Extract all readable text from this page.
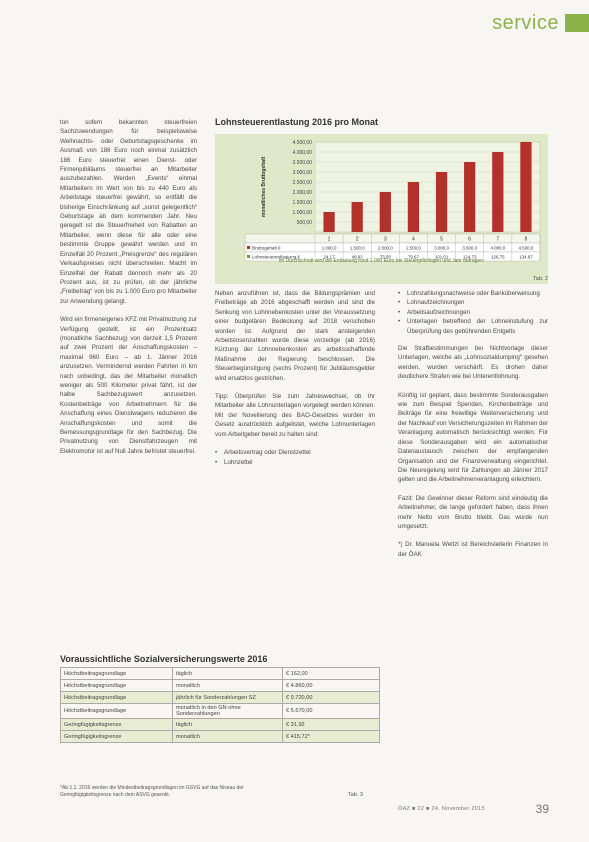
service

ton sofern bekannten steuerfreien Sachzuwendungen für beispielsweise Weihnachts- oder Geburtstagsgeschenke im Ausmaß von 186 Euro noch einmal zusätzlich 186 Euro steuerfrei einen Dienst- oder Firmenjubiläums steuerfrei an Mitarbeiter auszubezahlen. Werden „Events“ einmal Mitarbeitern im Wert von bis zu 440 Euro als Arbeitstage steuerfrei gewährt, so entfällt die bisherige Einschränkung auf „sonst gelegentlich“ Geburtstage ab dem kommenden Jahr. Neu geregelt ist die Steuerfreiheit von Rabatten an Mitarbeiter, wenn diese für alle oder eine bestimmte Gruppe gewährt werden und im Einzelfall 20 Prozent „Preisgrenze“ des regulären Verkaufspreises nicht überschreiten. Macht im Einzelfall der Rabatt dennoch mehr als 20 Prozent aus, ist zu prüfen, ob der jährliche „Freibetrag“ von bis zu 1.000 Euro pro Mitarbeiter zur Anwendung gelangt.

Wird ein firmeneigenes KFZ mit Privatnutzung zur Verfügung gestellt, ist ein Prozentsatz (monatliche Sachbezug) von derzeit 1,5 Prozent auf zwei Prozent der Anschaffungskosten – maximal 960 Euro – ab 1. Jänner 2016 anzusetzen. Vermindernd werden Fahrten in km nach unbedingt, das der Mitarbeiter monatlich weniger als 500 Kilometer privat fährt, ist der halbe Sachbezugswert anzusetzen. Kostenbeiträge von Arbeitnehmern für die Anschaffung eines Dienstwagens reduzieren die Anschaffungskosten und somit die Bemessungsgrundlage für den Sachbezug. Die Privatnutzung von Dienstfahrzeugen mit Elektromotor ist auf Null Jahre befristet steuerfrei.

Lohnsteuerentlastung 2016 pro Monat
500,00
1.000,00
1.500,00
2.000,00
2.500,00
3.000,00
3.500,00
4.000,00
4.500,00
monatliches Bruttogehalt
1	2	3	4	5	6	7	8
Bruttogehalt €	1.000,0	1.500,0	2.000,0	2.500,0	3.000,0	3.500,0	4.000,0	4.500,0
Lohnsteuerentlastung €	24,17	48,92	73,58	79,67	101,01	124,73	126,75	134,67
Im Durchschnitt wird die Entlastung rund 1.000 Euro bei Steuerpflichtigen und Jahr betragen.
Tab. 2

Neben anzuführen ist, dass die Bildungsprämien und Freibeträge ab 2016 abgeschafft werden und sind die Senkung von Lohnnebenkosten unter der Voraussetzung einer budgetären Bedeckung auf 2018 verschoben worden ist. Aufgrund der stark ansteigenden Arbeitslosenzahlen wurde diese vorzeitige (ab 2016) Kürzung der Lohnnebenkosten als arbeitsschaffende Maßnahme der Regierung beschlossen. Die Steuerbegünstigung (sechs Prozent) für Jubiläumsgelder wird ersatzlos gestrichen.

Tipp: Überprüfen Sie zum Jahreswechsel, ob Ihr Mitarbeiter alle Lohnunterlagen vorgelegt werden können. Mit der Novellierung des BAO-Gesetzes wurden im Gesetz ausdrücklich aufgelistet, welche Lohnunterlagen vom Arbeitgeber bereit zu halten sind:

• Arbeitsvertrag oder Dienstzettel
• Lohnzettel
• Lohnzahlungsnachweise oder Banküberweisung
• Lohnaufzeichnungen
• Arbeitsaufzeichnungen
• Unterlagen betreffend der Lohneinstufung zur Überprüfung des gebührenden Entgelts

Die Strafbestimmungen bei Nichtvorlage dieser Unterlagen, welche als „Lohnsozialdumping“ gesehen werden, wurden verschärft. Es drohen daher deutlichere Strafen wie bei Unterentlohnung.

Künftig ist geplant, dass bestimmte Sonderausgaben wie zum Beispiel Spenden, Kirchenbeiträge und Beiträge für eine freiwillige Weiterversicherung und der Nachkauf von Versicherungszeiten im Rahmen der Veranlagung automatisch berücksichtigt werden. Für diese Sonderausgaben wird ein automatischer Datenaustausch zwischen der empfangenden Organisation und der Finanzverwaltung eingerichtet. Die Neuregelung wird für Zahlungen ab Jänner 2017 gelten und die Arbeitnehmerveranlagung erleichtern.

Fazit: Die Gewinner dieser Reform sind eindeutig die Arbeitnehmer, die lange gefordert haben, dass ihnen mehr Netto vom Brutto bleibt. Das wurde nun umgesetzt.

*) Dr. Manuela Weitzl ist Bereichsleiterin Finanzen in der ÖAK

Voraussichtliche Sozialversicherungswerte 2016
Höchstbeitragsgrundlage	täglich	€ 162,00
Höchstbeitragsgrundlage	monatlich	€ 4.860,00
Höchstbeitragsgrundlage	jährlich für Sonderzahlungen SZ	€ 9.720,00
Höchstbeitragsgrundlage	monatlich in den GN ohne Sonderzahlungen	€ 5.670,00
Geringfügigkeitsgrenze	täglich	€ 31,92
Geringfügigkeitsgrenze	monatlich	€ 415,72*
*Ab 1.1. 2016 werden die Mindestbeitragsgrundlagen im GSVG auf das Niveau der Geringfügigkeitsgrenze nach dem ASVG gesenkt.	Tab. 3
ÖAZ ■ 22 ■ 24. November 2015	39
